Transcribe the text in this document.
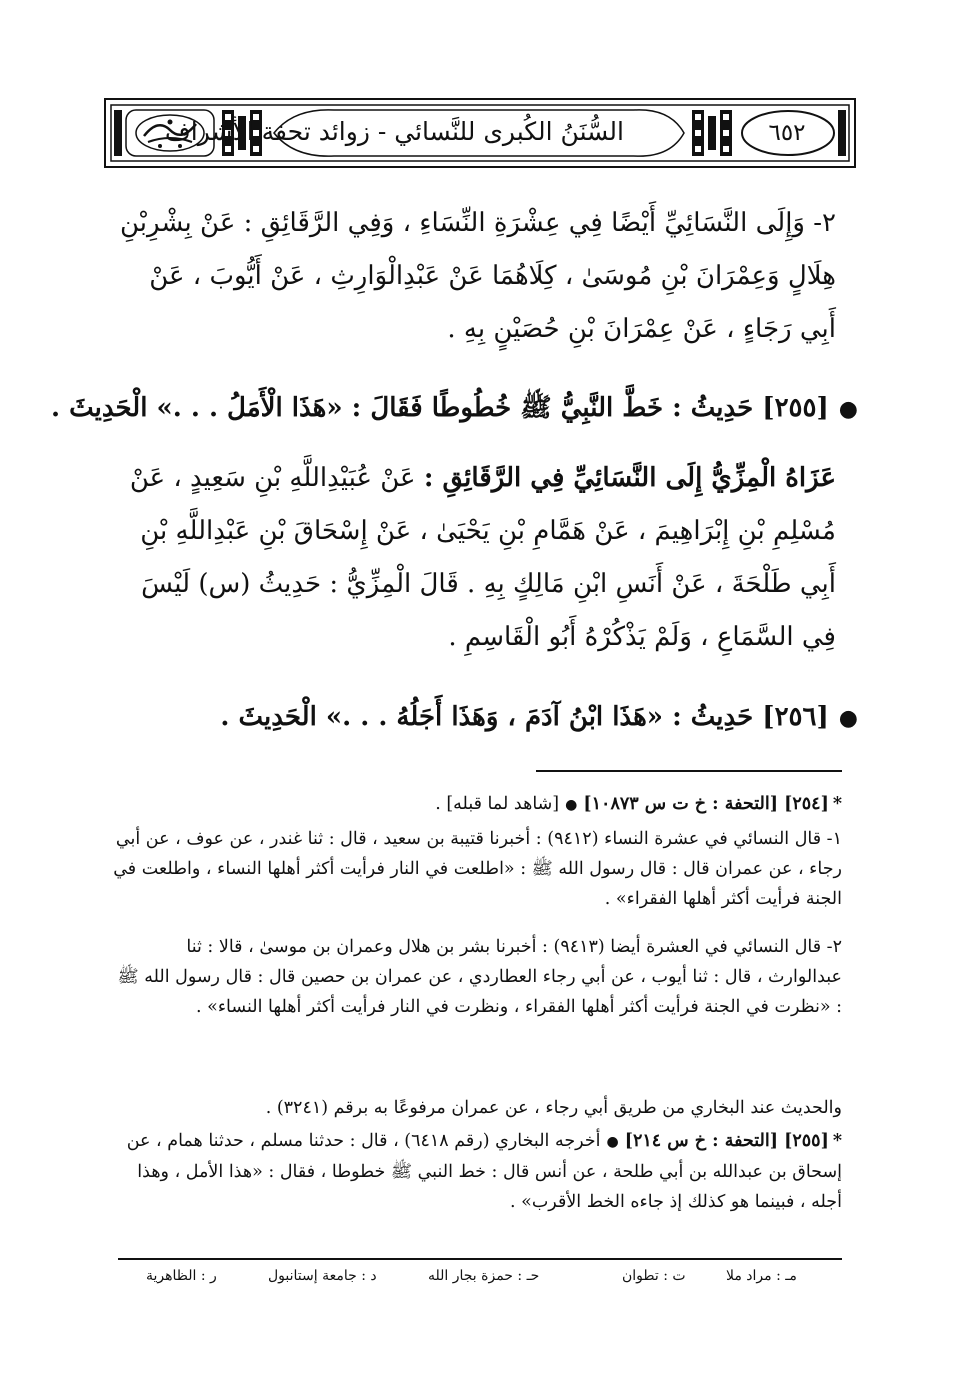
السُّنَنُ الكُبرى للنَّسائي - زوائد تحفة الأشراف	٦٥٢
٢- وَإِلَى النَّسَائِيِّ أَيْضًا فِي عِشْرَةِ النِّسَاءِ ، وَفِي الرَّقَائِقِ : عَنْ بِشْرِبْنِ هِلَالٍ وَعِمْرَانَ بْنِ مُوسَىٰ ، كِلَاهُمَا عَنْ عَبْدِالْوَارِثِ ، عَنْ أَيُّوبَ ، عَنْ أَبِي رَجَاءٍ ، عَنْ عِمْرَانَ بْنِ حُصَيْنٍ بِهِ .
●[٢٥٥] حَدِيثُ : خَطَّ النَّبِيُّ ﷺ خُطُوطًا فَقَالَ : «هَذَا الْأَمَلُ . . .» الْحَدِيثَ .
عَزَاهُ الْمِزِّيُّ إِلَى النَّسَائِيِّ فِي الرَّقَائِقِ : عَنْ عُبَيْدِاللَّهِ بْنِ سَعِيدٍ ، عَنْ مُسْلِمِ بْنِ إِبْرَاهِيمَ ، عَنْ هَمَّامِ بْنِ يَحْيَىٰ ، عَنْ إِسْحَاقَ بْنِ عَبْدِاللَّهِ بْنِ أَبِي طَلْحَةَ ، عَنْ أَنَسِ ابْنِ مَالِكٍ بِهِ . قَالَ الْمِزِّيُّ : حَدِيثُ (س) لَيْسَ فِي السَّمَاعِ ، وَلَمْ يَذْكُرْهُ أَبُو الْقَاسِمِ .
●[٢٥٦] حَدِيثُ : «هَذَا ابْنُ آدَمَ ، وَهَذَا أَجَلُهُ . . .» الْحَدِيثَ .
*[٢٥٤] [التحفة : خ ت س ١٠٨٧٣]●[شاهد لما قبله] .
١- قال النسائي في عشرة النساء (٩٤١٢) : أخبرنا قتيبة بن سعيد ، قال : ثنا غندر ، عن عوف ، عن أبي رجاء ، عن عمران قال : قال رسول الله ﷺ : «اطلعت في النار فرأيت أكثر أهلها النساء ، واطلعت في الجنة فرأيت أكثر أهلها الفقراء» .
٢- قال النسائي في العشرة أيضا (٩٤١٣) : أخبرنا بشر بن هلال وعمران بن موسىٰ ، قالا : ثنا عبدالوارث ، قال : ثنا أيوب ، عن أبي رجاء العطاردي ، عن عمران بن حصين قال : قال رسول الله ﷺ : «نظرت في الجنة فرأيت أكثر أهلها الفقراء ، ونظرت في النار فرأيت أكثر أهلها النساء» .
والحديث عند البخاري من طريق أبي رجاء ، عن عمران مرفوعًا به برقم (٣٢٤١) .
*[٢٥٥] [التحفة : خ س ٢١٤]●أخرجه البخاري (رقم ٦٤١٨) ، قال : حدثنا مسلم ، حدثنا همام ، عن إسحاق بن عبدالله بن أبي طلحة ، عن أنس قال : خط النبي ﷺ خطوطا ، فقال : «هذا الأمل ، وهذا أجله ، فبينما هو كذلك إذ جاءه الخط الأقرب» .
مـ : مراد ملا
ت : تطوان
حـ : حمزة بجار الله
د : جامعة إستانبول
ر : الظاهرية
